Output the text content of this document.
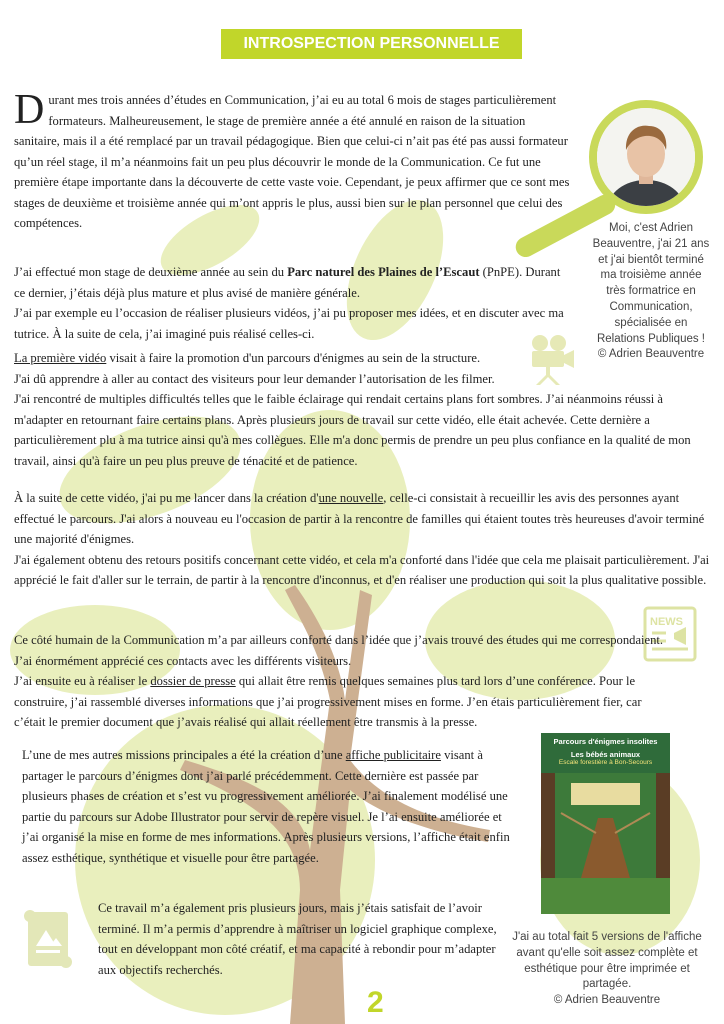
INTROSPECTION PERSONNELLE
Moi, c'est Adrien Beauventre, j'ai 21 ans et j'ai bientôt terminé ma troisième année très formatrice en Communication, spécialisée en Relations Publiques !
© Adrien Beauventre

Durant mes trois années d’études en Communication, j’ai eu au total 6 mois de stages particulièrement formateurs. Malheureusement, le stage de première année a été annulé en raison de la situation sanitaire, mais il a été remplacé par un travail pédagogique. Bien que celui-ci n’ait pas été pas aussi formateur qu’un réel stage, il m’a néanmoins fait un peu plus découvrir le monde de la Communication. Ce fut une première étape importante dans la découverte de cette vaste voie. Cependant, je peux affirmer que ce sont mes stages de deuxième et troisième année qui m’ont appris le plus, aussi bien sur le plan personnel que celui des compétences.

J’ai effectué mon stage de deuxième année au sein du Parc naturel des Plaines de l’Escaut (PnPE). Durant ce dernier, j’étais déjà plus mature et plus avisé de manière générale.

J’ai par exemple eu l’occasion de réaliser plusieurs vidéos, j’ai pu proposer mes idées, et en discuter avec ma tutrice. À la suite de cela, j’ai imaginé puis réalisé celles-ci.

La première vidéo visait à faire la promotion d'un parcours d'énigmes au sein de la structure.

J'ai dû apprendre à aller au contact des visiteurs pour leur demander l’autorisation de les filmer.

J'ai rencontré de multiples difficultés telles que le faible éclairage qui rendait certains plans fort sombres. J’ai néanmoins réussi à m'adapter en retournant faire certains plans. Après plusieurs jours de travail sur cette vidéo, elle était achevée. Cette dernière a particulièrement plu à ma tutrice ainsi qu'à mes collègues. Elle m'a donc permis de prendre un peu plus confiance en la qualité de mon travail, ainsi qu'à faire un peu plus preuve de ténacité et de patience.

À la suite de cette vidéo, j'ai pu me lancer dans la création d'une nouvelle, celle-ci consistait à recueillir les avis des personnes ayant effectué le parcours. J'ai alors à nouveau eu l'occasion de partir à la rencontre de familles qui étaient toutes très heureuses d'avoir terminé une majorité d'énigmes.

J'ai également obtenu des retours positifs concernant cette vidéo, et cela m'a conforté dans l'idée que cela me plaisait particulièrement. J'ai apprécié le fait d'aller sur le terrain, de partir à la rencontre d'inconnus, et d'en réaliser une production qui soit la plus qualitative possible.

NEWS

Ce côté humain de la Communication m’a par ailleurs conforté dans l’idée que j’avais trouvé des études qui me correspondaient. J’ai énormément apprécié ces contacts avec les différents visiteurs.

J’ai ensuite eu à réaliser le dossier de presse qui allait être remis quelques semaines plus tard lors d’une conférence. Pour le construire, j’ai rassemblé diverses informations que j’ai progressivement mises en forme. J’en étais particulièrement fier, car c’était le premier document que j’avais réalisé qui allait réellement être transmis à la presse.

L’une de mes autres missions principales a été la création d’une affiche publicitaire visant à partager le parcours d’énigmes dont j’ai parlé précédemment. Cette dernière est passée par plusieurs phases de création et s’est vu progressivement améliorée. J’ai finalement modélisé une partie du parcours sur Adobe Illustrator pour servir de repère visuel. Je l’ai ensuite améliorée et j’ai organisé la mise en forme de mes informations. Après plusieurs versions, l’affiche était enfin assez esthétique, synthétique et visuelle pour être partagée.

Ce travail m’a également pris plusieurs jours, mais j’étais satisfait de l’avoir terminé. Il m’a permis d’apprendre à maîtriser un logiciel graphique complexe, tout en développant mon côté créatif, et ma capacité à rebondir pour m’adapter aux objectifs recherchés.

Parcours d'énigmes insolites
Les bébés animaux
Escale forestière à Bon-Secours
J'ai au total fait 5 versions de l'affiche avant qu'elle soit assez complète et esthétique pour être imprimée et partagée.
© Adrien Beauventre
2
